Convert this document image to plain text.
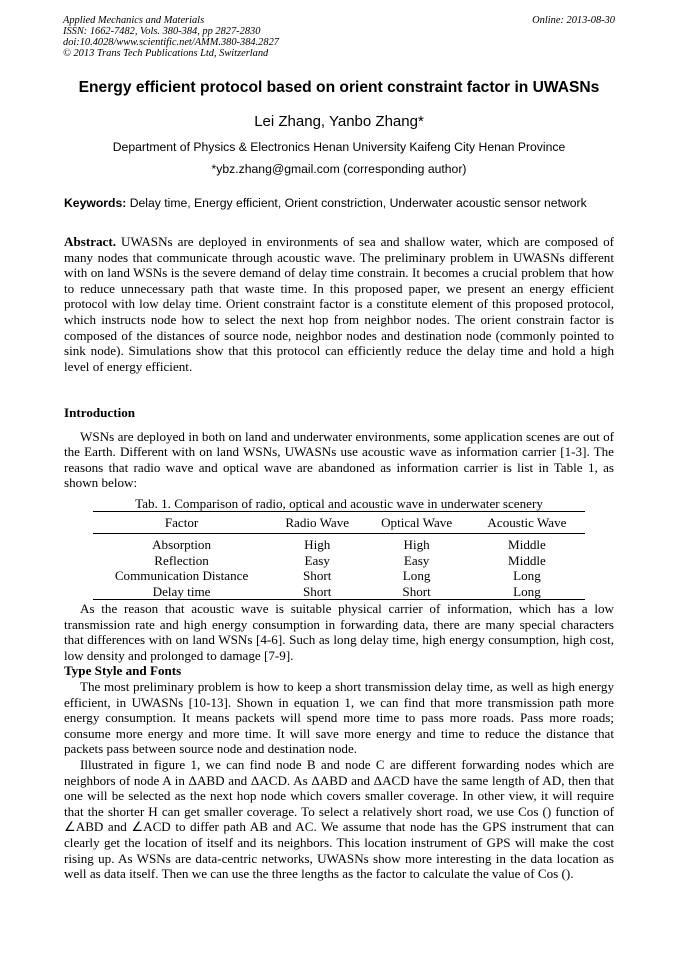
Applied Mechanics and Materials
ISSN: 1662-7482, Vols. 380-384, pp 2827-2830
doi:10.4028/www.scientific.net/AMM.380-384.2827
© 2013 Trans Tech Publications Ltd, Switzerland
Online: 2013-08-30
Energy efficient protocol based on orient constraint factor in UWASNs
Lei Zhang, Yanbo Zhang*
Department of Physics & Electronics Henan University Kaifeng City Henan Province
*ybz.zhang@gmail.com (corresponding author)
Keywords: Delay time, Energy efficient, Orient constriction, Underwater acoustic sensor network
Abstract. UWASNs are deployed in environments of sea and shallow water, which are composed of many nodes that communicate through acoustic wave. The preliminary problem in UWASNs different with on land WSNs is the severe demand of delay time constrain. It becomes a crucial problem that how to reduce unnecessary path that waste time. In this proposed paper, we present an energy efficient protocol with low delay time. Orient constraint factor is a constitute element of this proposed protocol, which instructs node how to select the next hop from neighbor nodes. The orient constrain factor is composed of the distances of source node, neighbor nodes and destination node (commonly pointed to sink node). Simulations show that this protocol can efficiently reduce the delay time and hold a high level of energy efficient.
Introduction

WSNs are deployed in both on land and underwater environments, some application scenes are out of the Earth. Different with on land WSNs, UWASNs use acoustic wave as information carrier [1-3]. The reasons that radio wave and optical wave are abandoned as information carrier is list in Table 1, as shown below:

Tab. 1. Comparison of radio, optical and acoustic wave in underwater scenery
Factor	Radio Wave	Optical Wave	Acoustic Wave
Absorption	High	High	Middle
Reflection	Easy	Easy	Middle
Communication Distance	Short	Long	Long
Delay time	Short	Short	Long

As the reason that acoustic wave is suitable physical carrier of information, which has a low transmission rate and high energy consumption in forwarding data, there are many special characters that differences with on land WSNs [4-6]. Such as long delay time, high energy consumption, high cost, low density and prolonged to damage [7-9].

Type Style and Fonts

The most preliminary problem is how to keep a short transmission delay time, as well as high energy efficient, in UWASNs [10-13]. Shown in equation 1, we can find that more transmission path more energy consumption. It means packets will spend more time to pass more roads. Pass more roads; consume more energy and more time. It will save more energy and time to reduce the distance that packets pass between source node and destination node.

Illustrated in figure 1, we can find node B and node C are different forwarding nodes which are neighbors of node A in ΔABD and ΔACD. As ΔABD and ΔACD have the same length of AD, then that one will be selected as the next hop node which covers smaller coverage. In other view, it will require that the shorter H can get smaller coverage. To select a relatively short road, we use Cos () function of ∠ABD and ∠ACD to differ path AB and AC. We assume that node has the GPS instrument that can clearly get the location of itself and its neighbors. This location instrument of GPS will make the cost rising up. As WSNs are data-centric networks, UWASNs show more interesting in the data location as well as data itself. Then we can use the three lengths as the factor to calculate the value of Cos ().
